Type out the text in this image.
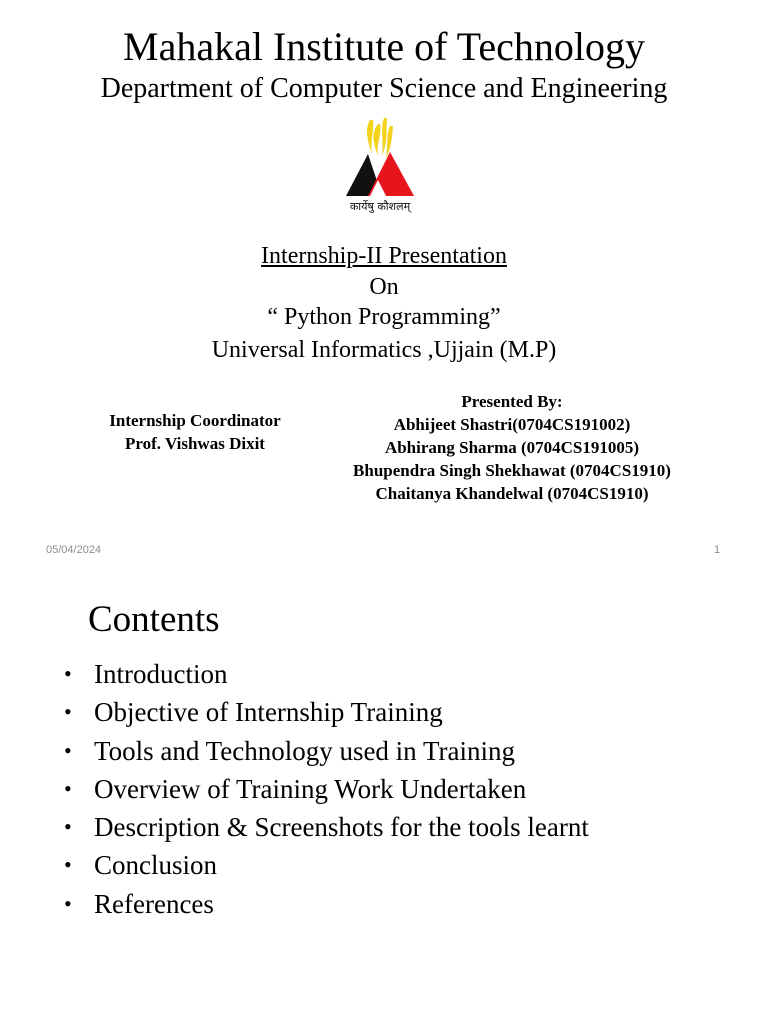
Mahakal Institute of Technology
Department of Computer Science and Engineering
कार्येषु कौशलम्
Internship-II Presentation
On
“ Python Programming”
Universal Informatics ,Ujjain (M.P)
Internship Coordinator
Prof. Vishwas Dixit
Presented By:
Abhijeet Shastri(0704CS191002)
Abhirang Sharma (0704CS191005)
Bhupendra Singh Shekhawat (0704CS1910)
Chaitanya Khandelwal (0704CS1910)
05/04/2024	1
Contents
• Introduction
• Objective of Internship Training
• Tools and Technology used in Training
• Overview of Training Work Undertaken
• Description & Screenshots for the tools learnt
• Conclusion
• References
